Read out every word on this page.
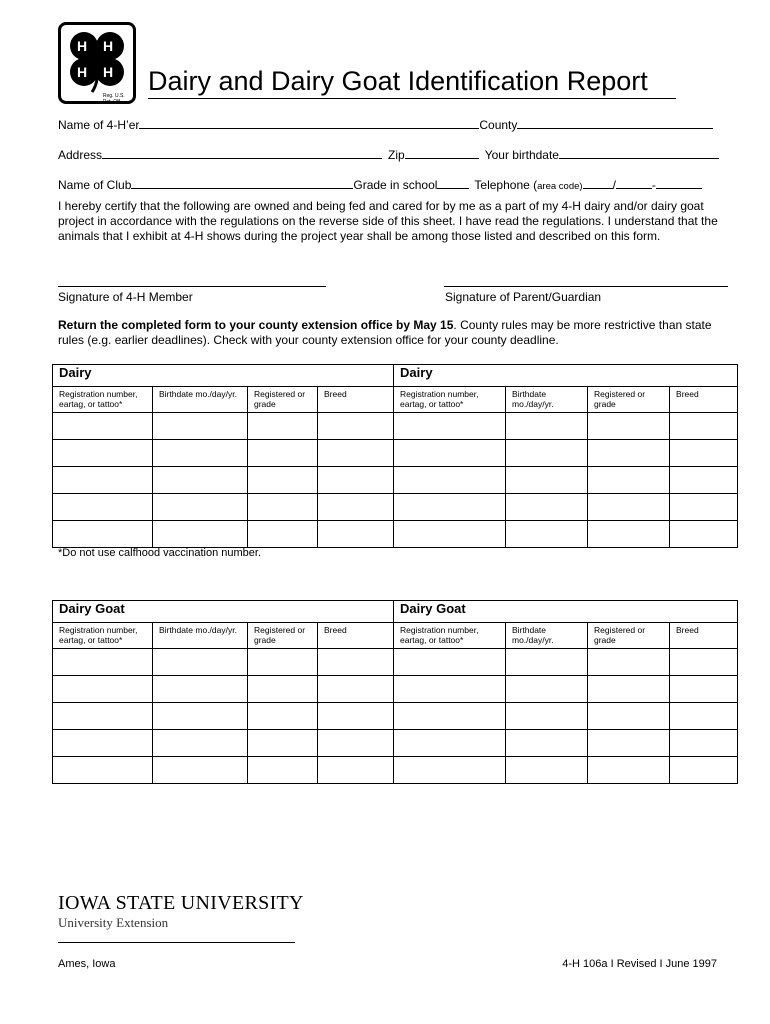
H H
H H
Reg. U.S. Pat. Off.
Dairy and Dairy Goat Identification Report
Name of 4-H’er	County
Address	Zip	Your birthdate
Name of Club	Grade in school	Telephone (area code)	/	-
I hereby certify that the following are owned and being fed and cared for by me as a part of my 4-H dairy and/or dairy goat project in accordance with the regulations on the reverse side of this sheet. I have read the regulations. I understand that the animals that I exhibit at 4-H shows during the project year shall be among those listed and described on this form.
Signature of 4-H Member	Signature of Parent/Guardian
Return the completed form to your county extension office by May 15. County rules may be more restrictive than state rules (e.g. earlier deadlines). Check with your county extension office for your county deadline.
Dairy				Dairy			
Registration number, eartag, or tattoo*	Birthdate mo./day/yr.	Registered or grade	Breed	Registration number, eartag, or tattoo*	Birthdate mo./day/yr.	Registered or grade	Breed

*Do not use calfhood vaccination number.
Dairy Goat				Dairy Goat			
Registration number, eartag, or tattoo*	Birthdate mo./day/yr.	Registered or grade	Breed	Registration number, eartag, or tattoo*	Birthdate mo./day/yr.	Registered or grade	Breed

IOWA STATE UNIVERSITY
University Extension
Ames, Iowa	4-H 106a I Revised I June 1997
